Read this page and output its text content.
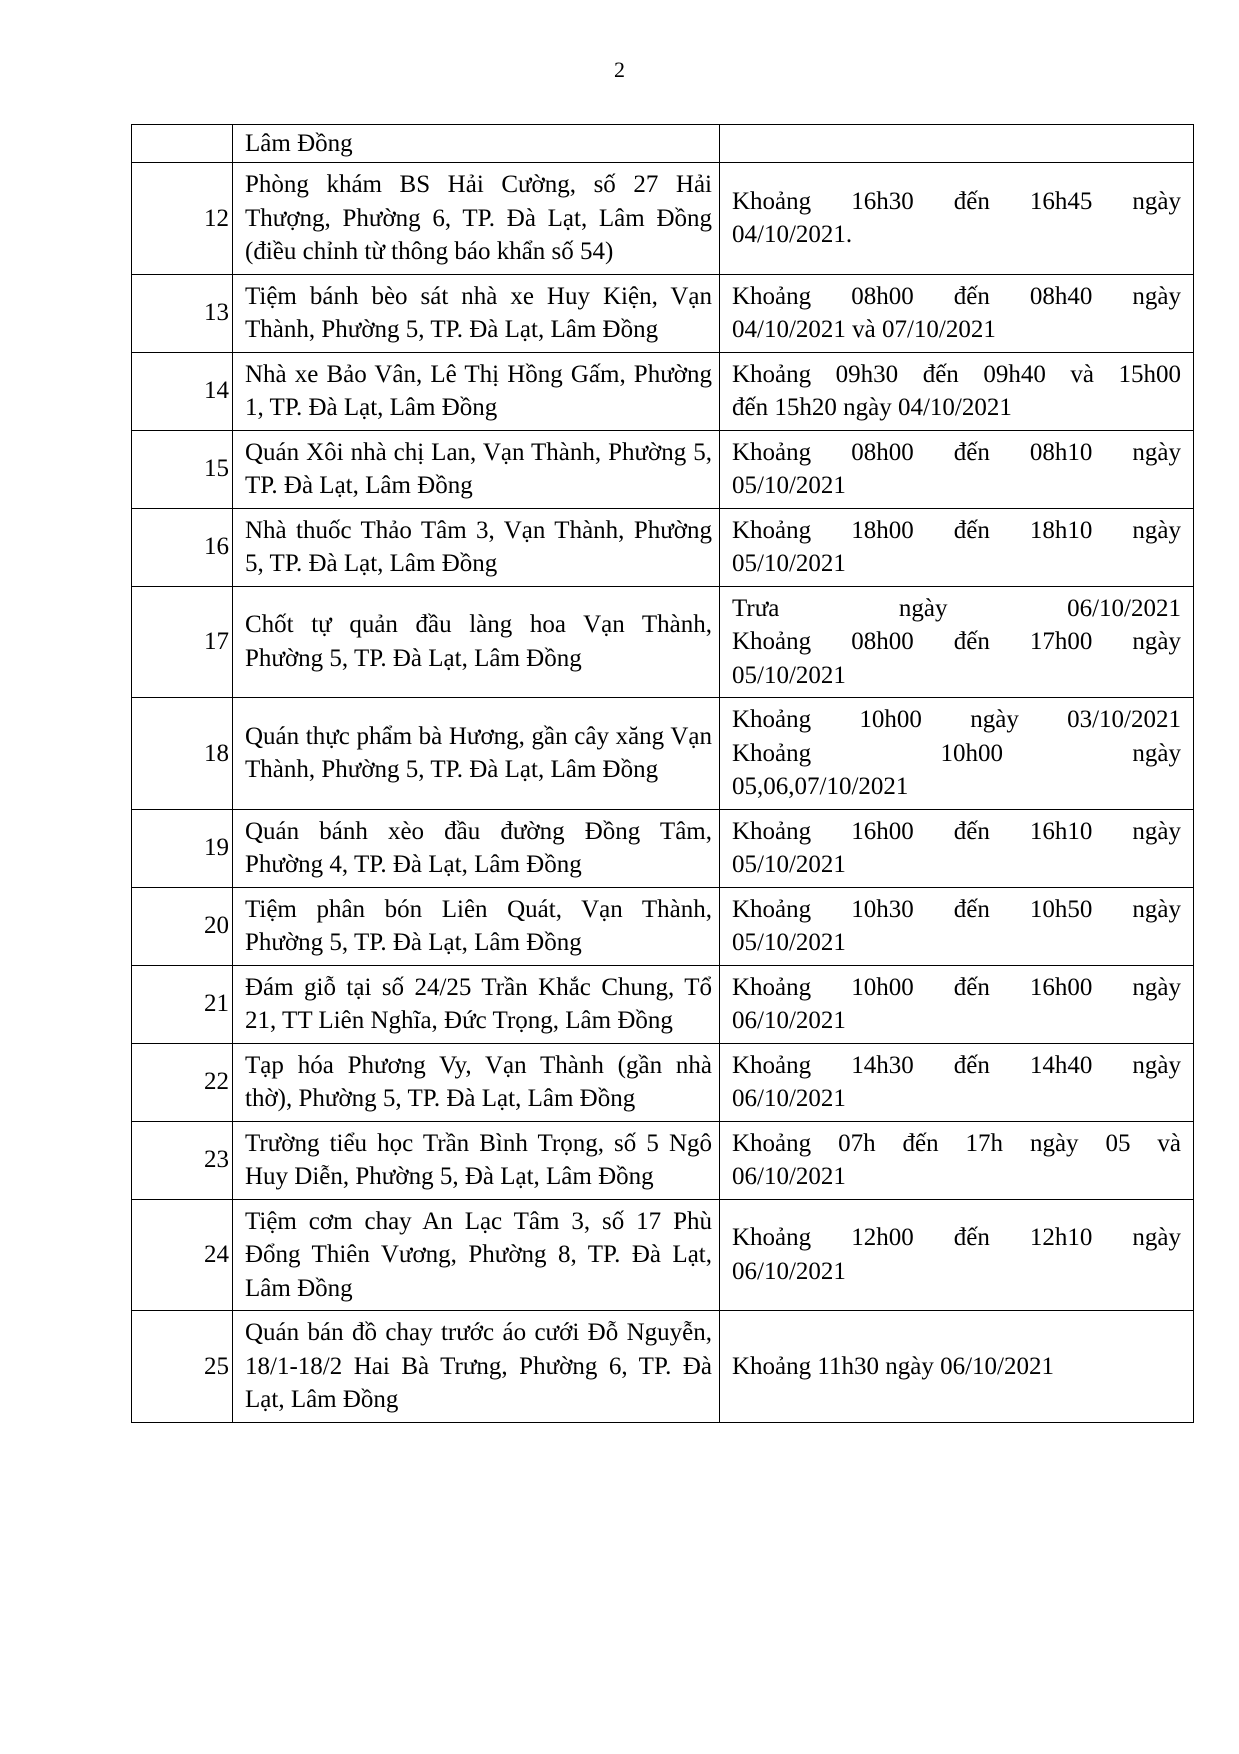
2
	Lâm Đồng	
12	Phòng khám BS Hải Cường, số 27 Hải Thượng, Phường 6, TP. Đà Lạt, Lâm Đồng (điều chỉnh từ thông báo khẩn số 54)	Khoảng 16h30 đến 16h45 ngày
04/10/2021.

13	Tiệm bánh bèo sát nhà xe Huy Kiện, Vạn Thành, Phường 5, TP. Đà Lạt, Lâm Đồng	Khoảng 08h00 đến 08h40 ngày
04/10/2021 và 07/10/2021

14	Nhà xe Bảo Vân, Lê Thị Hồng Gấm, Phường 1, TP. Đà Lạt, Lâm Đồng	Khoảng 09h30 đến 09h40 và 15h00
đến 15h20 ngày 04/10/2021

15	Quán Xôi nhà chị Lan, Vạn Thành, Phường 5, TP. Đà Lạt, Lâm Đồng	Khoảng 08h00 đến 08h10 ngày
05/10/2021

16	Nhà thuốc Thảo Tâm 3, Vạn Thành, Phường 5, TP. Đà Lạt, Lâm Đồng	Khoảng 18h00 đến 18h10 ngày
05/10/2021

17	Chốt tự quản đầu làng hoa Vạn Thành, Phường 5, TP. Đà Lạt, Lâm Đồng	Trưa ngày 06/10/2021
Khoảng 08h00 đến 17h00 ngày
05/10/2021

18	Quán thực phẩm bà Hương, gần cây xăng Vạn Thành, Phường 5, TP. Đà Lạt, Lâm Đồng	Khoảng 10h00 ngày 03/10/2021
Khoảng 10h00 ngày
05,06,07/10/2021

19	Quán bánh xèo đầu đường Đồng Tâm, Phường 4, TP. Đà Lạt, Lâm Đồng	Khoảng 16h00 đến 16h10 ngày
05/10/2021

20	Tiệm phân bón Liên Quát, Vạn Thành, Phường 5, TP. Đà Lạt, Lâm Đồng	Khoảng 10h30 đến 10h50 ngày
05/10/2021

21	Đám giỗ tại số 24/25 Trần Khắc Chung, Tổ 21, TT Liên Nghĩa, Đức Trọng, Lâm Đồng	Khoảng 10h00 đến 16h00 ngày
06/10/2021

22	Tạp hóa Phương Vy, Vạn Thành (gần nhà thờ), Phường 5, TP. Đà Lạt, Lâm Đồng	Khoảng 14h30 đến 14h40 ngày
06/10/2021

23	Trường tiểu học Trần Bình Trọng, số 5 Ngô Huy Diễn, Phường 5, Đà Lạt, Lâm Đồng	Khoảng 07h đến 17h ngày 05 và
06/10/2021

24	Tiệm cơm chay An Lạc Tâm 3, số 17 Phù Đổng Thiên Vương, Phường 8, TP. Đà Lạt, Lâm Đồng	Khoảng 12h00 đến 12h10 ngày
06/10/2021

25	Quán bán đồ chay trước áo cưới Đỗ Nguyễn, 18/1-18/2 Hai Bà Trưng, Phường 6, TP. Đà Lạt, Lâm Đồng	Khoảng 11h30 ngày 06/10/2021
